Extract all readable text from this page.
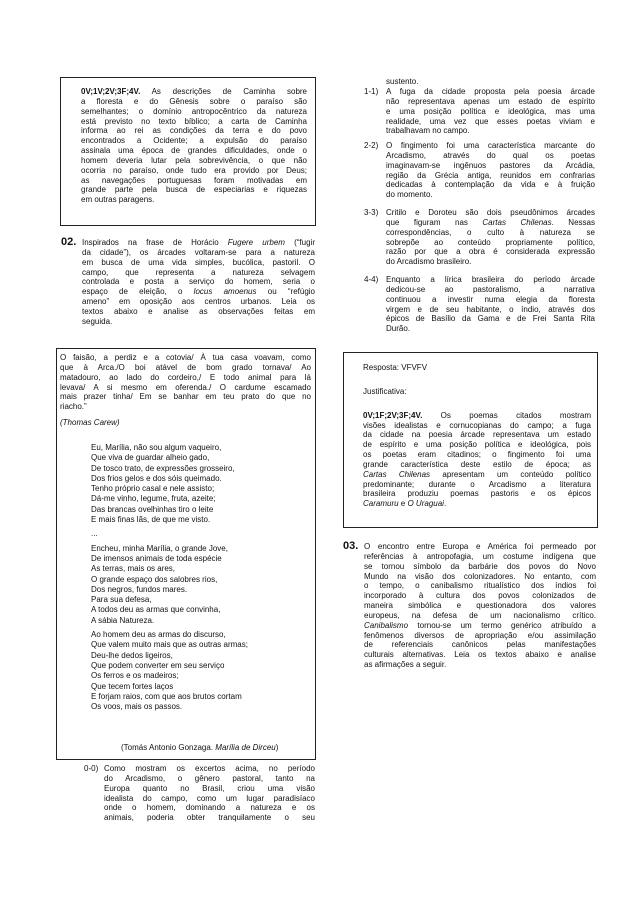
0V;1V;2V;3F;4V. As descrições de Caminha sobre
a floresta e do Gênesis sobre o paraíso são
semelhantes; o domínio antropocêntrico da natureza
está previsto no texto bíblico; a carta de Caminha
informa ao rei as condições da terra e do povo
encontrados a Ocidente; a expulsão do paraíso
assinala uma época de grandes dificuldades, onde o
homem deveria lutar pela sobrevivência, o que não
ocorria no paraíso, onde tudo era provido por Deus;
as navegações portuguesas foram motivadas em
grande parte pela busca de especiarias e riquezas
em outras paragens.
02. Inspirados na frase de Horácio Fugere urbem (“fugir
da cidade”), os árcades voltaram-se para a natureza
em busca de uma vida simples, bucólica, pastoril. O
campo, que representa a natureza selvagem
controlada e posta a serviço do homem, seria o
espaço de eleição, o locus amoenus ou “refúgio
ameno” em oposição aos centros urbanos. Leia os
textos abaixo e analise as observações feitas em
seguida.
O faisão, a perdiz e a cotovia/ À tua casa voavam, como
que à Arca./O boi atável de bom grado tornava/ Ao
matadouro, ao lado do cordeiro,/ E todo animal para lá
levava/ A si mesmo em oferenda./ O cardume escamado
mais prazer tinha/ Em se banhar em teu prato do que no
riacho.”
(Thomas Carew)
Eu, Marília, não sou algum vaqueiro,
Que viva de guardar alheio gado,
De tosco trato, de expressões grosseiro,
Dos frios gelos e dos sóis queimado.
Tenho próprio casal e nele assisto;
Dá-me vinho, legume, fruta, azeite;
Das brancas ovelhinhas tiro o leite
E mais finas lãs, de que me visto.
...
Encheu, minha Marília, o grande Jove,
De imensos animais de toda espécie
As terras, mais os ares,
O grande espaço dos salobres rios,
Dos negros, fundos mares.
Para sua defesa,
A todos deu as armas que convinha,
A sábia Natureza.
Ao homem deu as armas do discurso,
Que valem muito mais que as outras armas;
Deu-lhe dedos ligeiros,
Que podem converter em seu serviço
Os ferros e os madeiros;
Que tecem fortes laços
E forjam raios, com que aos brutos cortam
Os voos, mais os passos.
(Tomás Antonio Gonzaga. Marília de Dirceu)
0-0) Como mostram os excertos acima, no período
do Arcadismo, o gênero pastoral, tanto na
Europa quanto no Brasil, criou uma visão
idealista do campo, como um lugar paradisíaco
onde o homem, dominando a natureza e os
animais, poderia obter tranquilamente o seu
sustento.
1-1) A fuga da cidade proposta pela poesia árcade
não representava apenas um estado de espírito
e uma posição política e ideológica, mas uma
realidade, uma vez que esses poetas viviam e
trabalhavam no campo.
2-2) O fingimento foi uma característica marcante do
Arcadismo, através do qual os poetas
imaginavam-se ingênuos pastores da Arcádia,
região da Grécia antiga, reunidos em confrarias
dedicadas à contemplação da vida e à fruição
do momento.
3-3) Critilo e Doroteu são dois pseudônimos árcades
que figuram nas Cartas Chilenas. Nessas
correspondências, o culto à natureza se
sobrepõe ao conteúdo propriamente político,
razão por que a obra é considerada expressão
do Arcadismo brasileiro.
4-4) Enquanto a lírica brasileira do período árcade
dedicou-se ao pastoralismo, a narrativa
continuou a investir numa elegia da floresta
virgem e de seu habitante, o índio, através dos
épicos de Basílio da Gama e de Frei Santa Rita
Durão.
Resposta: VFVFV
Justificativa:
0V;1F;2V;3F;4V. Os poemas citados mostram
visões idealistas e cornucopianas do campo; a fuga
da cidade na poesia árcade representava um estado
de espírito e uma posição política e ideológica, pois
os poetas eram citadinos; o fingimento foi uma
grande característica deste estilo de época; as
Cartas Chilenas apresentam um conteúdo político
predominante; durante o Arcadismo a literatura
brasileira produziu poemas pastoris e os épicos
Caramuru e O Uraguai.
03. O encontro entre Europa e América foi permeado por
referências à antropofagia, um costume indígena que
se tornou símbolo da barbárie dos povos do Novo
Mundo na visão dos colonizadores. No entanto, com
o tempo, o canibalismo ritualístico dos índios foi
incorporado à cultura dos povos colonizados de
maneira simbólica e questionadora dos valores
europeus, na defesa de um nacionalismo crítico.
Canibalismo tornou-se um termo genérico atribuído a
fenômenos diversos de apropriação e/ou assimilação
de referenciais canônicos pelas manifestações
culturais alternativas. Leia os textos abaixo e analise
as afirmações a seguir.
